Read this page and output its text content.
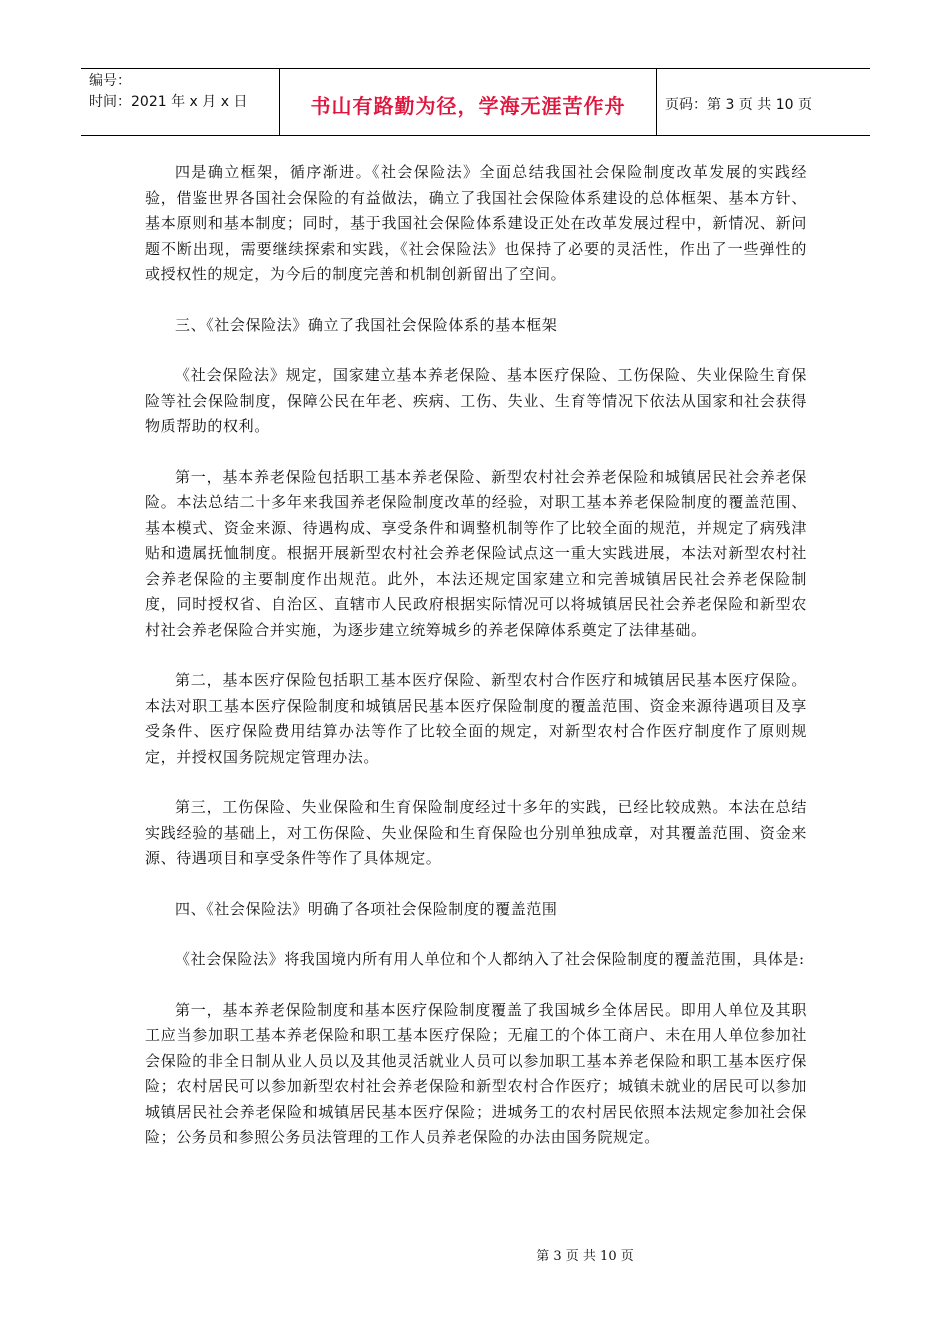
编号：
时间：2021 年 x 月 x 日	书山有路勤为径，学海无涯苦作舟	页码：第 3 页 共 10 页

四是确立框架，循序渐进。《社会保险法》全面总结我国社会保险制度改革发展的实践经验，借鉴世界各国社会保险的有益做法，确立了我国社会保险体系建设的总体框架、基本方针、基本原则和基本制度；同时，基于我国社会保险体系建设正处在改革发展过程中，新情况、新问题不断出现，需要继续探索和实践，《社会保险法》也保持了必要的灵活性，作出了一些弹性的或授权性的规定，为今后的制度完善和机制创新留出了空间。

三、《社会保险法》确立了我国社会保险体系的基本框架

《社会保险法》规定，国家建立基本养老保险、基本医疗保险、工伤保险、失业保险生育保险等社会保险制度，保障公民在年老、疾病、工伤、失业、生育等情况下依法从国家和社会获得物质帮助的权利。

第一，基本养老保险包括职工基本养老保险、新型农村社会养老保险和城镇居民社会养老保险。本法总结二十多年来我国养老保险制度改革的经验，对职工基本养老保险制度的覆盖范围、基本模式、资金来源、待遇构成、享受条件和调整机制等作了比较全面的规范，并规定了病残津贴和遗属抚恤制度。根据开展新型农村社会养老保险试点这一重大实践进展，本法对新型农村社会养老保险的主要制度作出规范。此外，本法还规定国家建立和完善城镇居民社会养老保险制度，同时授权省、自治区、直辖市人民政府根据实际情况可以将城镇居民社会养老保险和新型农村社会养老保险合并实施，为逐步建立统筹城乡的养老保障体系奠定了法律基础。

第二，基本医疗保险包括职工基本医疗保险、新型农村合作医疗和城镇居民基本医疗保险。本法对职工基本医疗保险制度和城镇居民基本医疗保险制度的覆盖范围、资金来源待遇项目及享受条件、医疗保险费用结算办法等作了比较全面的规定，对新型农村合作医疗制度作了原则规定，并授权国务院规定管理办法。

第三，工伤保险、失业保险和生育保险制度经过十多年的实践，已经比较成熟。本法在总结实践经验的基础上，对工伤保险、失业保险和生育保险也分别单独成章，对其覆盖范围、资金来源、待遇项目和享受条件等作了具体规定。

四、《社会保险法》明确了各项社会保险制度的覆盖范围

《社会保险法》将我国境内所有用人单位和个人都纳入了社会保险制度的覆盖范围，具体是:

第一，基本养老保险制度和基本医疗保险制度覆盖了我国城乡全体居民。即用人单位及其职工应当参加职工基本养老保险和职工基本医疗保险；无雇工的个体工商户、未在用人单位参加社会保险的非全日制从业人员以及其他灵活就业人员可以参加职工基本养老保险和职工基本医疗保险；农村居民可以参加新型农村社会养老保险和新型农村合作医疗；城镇未就业的居民可以参加城镇居民社会养老保险和城镇居民基本医疗保险；进城务工的农村居民依照本法规定参加社会保险；公务员和参照公务员法管理的工作人员养老保险的办法由国务院规定。

第 3 页 共 10 页
